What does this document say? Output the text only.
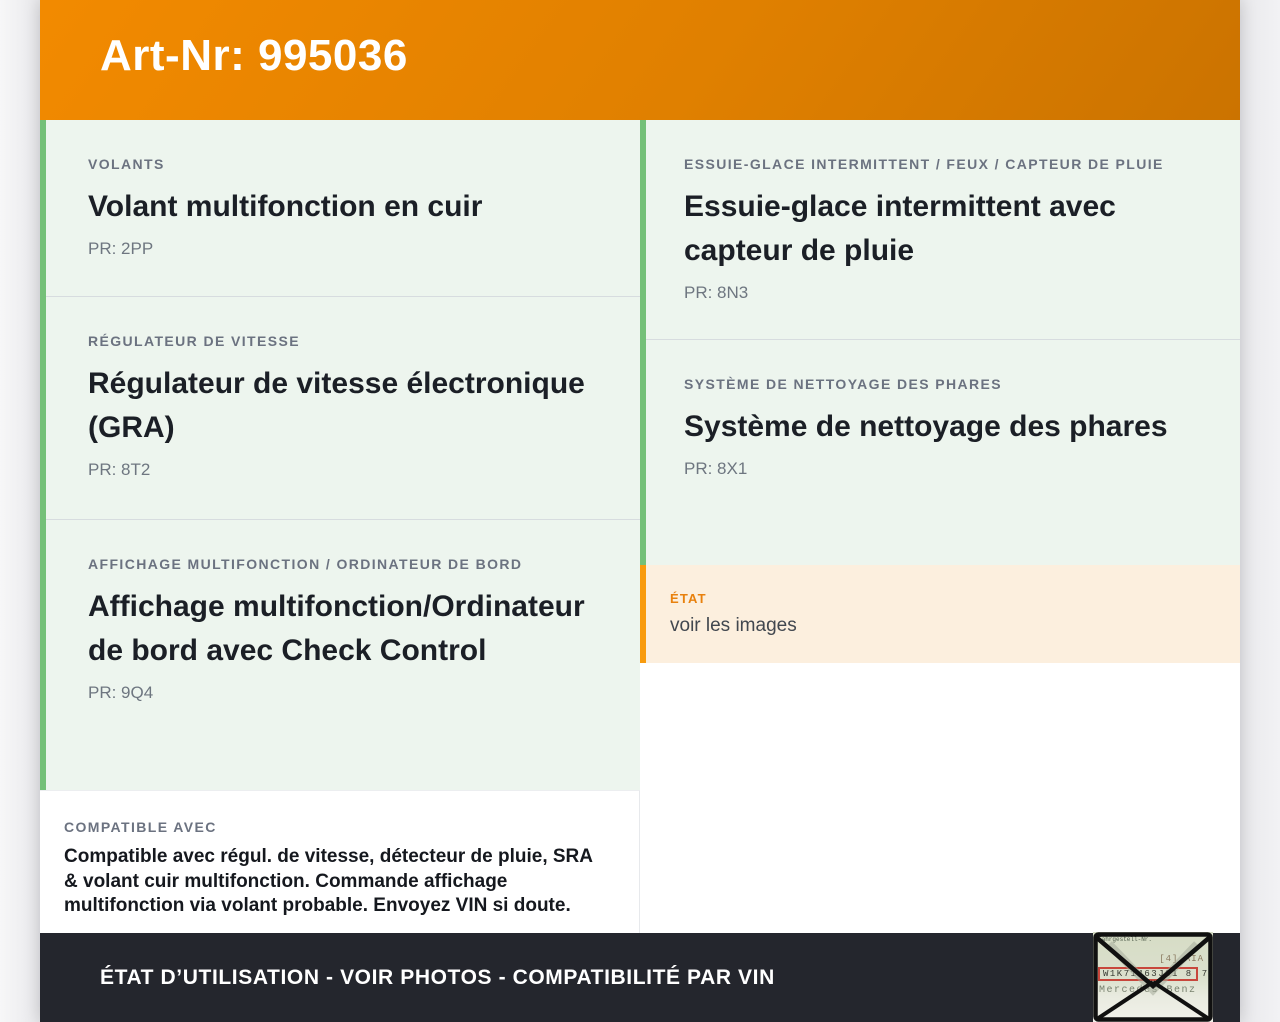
Art-Nr: 995036
VOLANTS
Volant multifonction en cuir
PR: 2PP
RÉGULATEUR DE VITESSE
Régulateur de vitesse électronique (GRA)
PR: 8T2
AFFICHAGE MULTIFONCTION / ORDINATEUR DE BORD
Affichage multifonction/Ordinateur de bord avec Check Control
PR: 9Q4
COMPATIBLE AVEC
Compatible avec régul. de vitesse, détecteur de pluie, SRA & volant cuir multifonction. Commande affichage multifonction via volant probable. Envoyez VIN si doute.
ESSUIE-GLACE INTERMITTENT / FEUX / CAPTEUR DE PLUIE
Essuie-glace intermittent avec capteur de pluie
PR: 8N3
SYSTÈME DE NETTOYAGE DES PHARES
Système de nettoyage des phares
PR: 8X1
ÉTAT
voir les images
ÉTAT D’UTILISATION - VOIR PHOTOS - COMPATIBILITÉ PAR VIN
Fahrgestell-Nr.
[4] AIA
W1K71463J31 8	7
Mercedes-Benz
